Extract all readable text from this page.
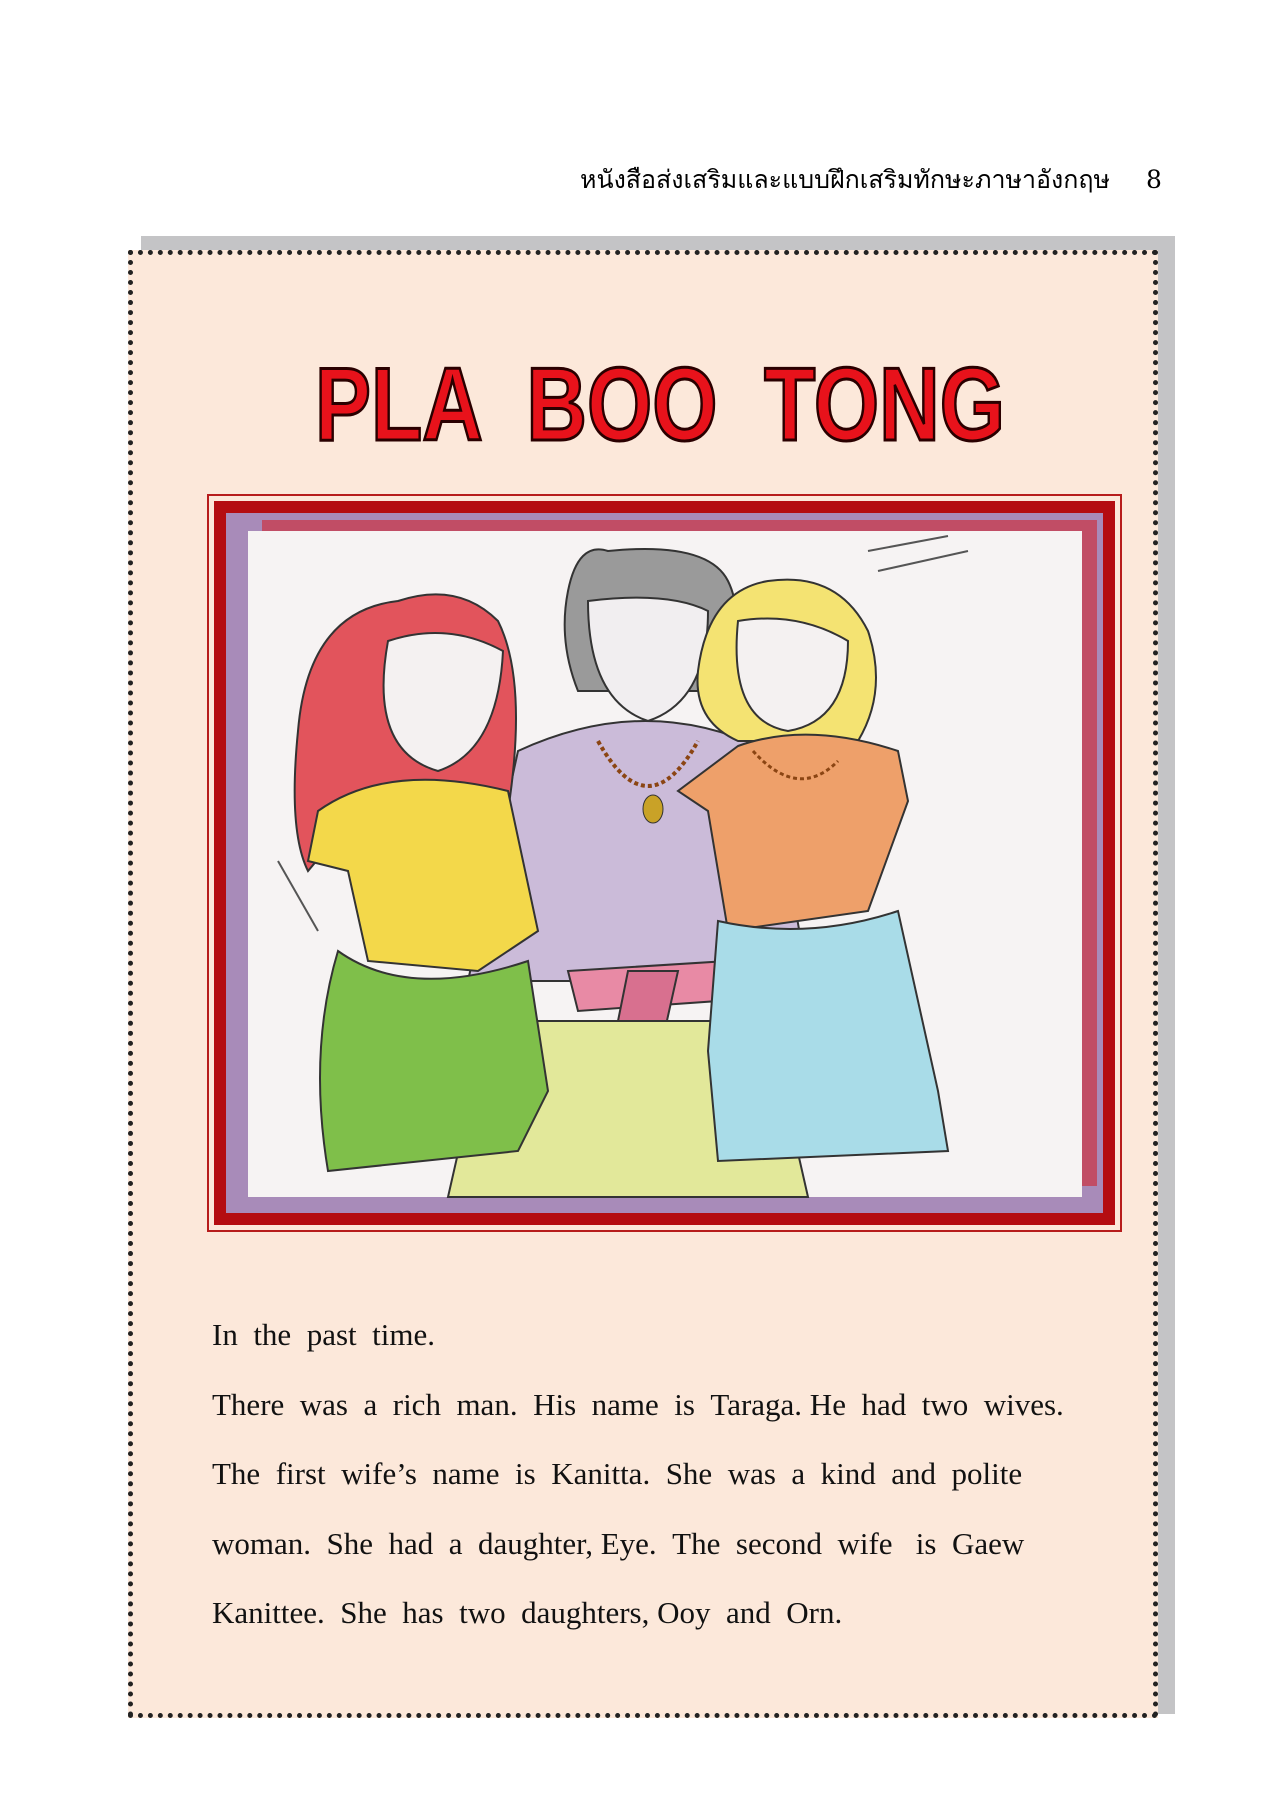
หนังสือส่งเสริมและแบบฝึกเสริมทักษะภาษาอังกฤษ 8
PLA  BOO  TONG
In  the  past  time.
There  was  a  rich  man.  His  name  is  Taraga. He  had  two  wives.
The  first  wife’s  name  is  Kanitta.  She  was  a  kind  and  polite
woman.  She  had  a  daughter, Eye.  The  second  wife   is  Gaew
Kanittee.  She  has  two  daughters, Ooy  and  Orn.
